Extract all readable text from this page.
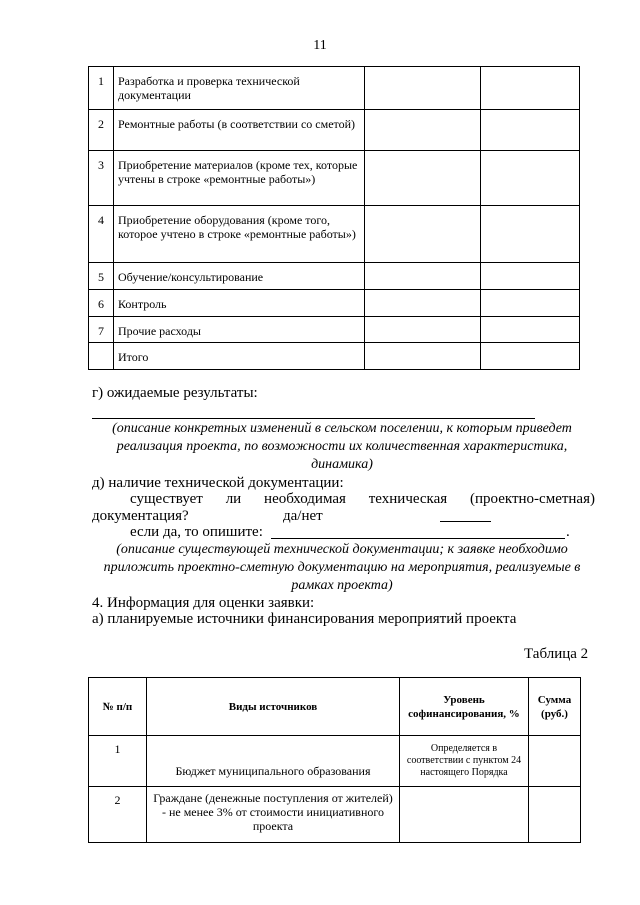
11
1	Разработка и проверка технической документации		
2	Ремонтные работы (в соответствии со сметой)		
3	Приобретение материалов (кроме тех, которые учтены в строке «ремонтные работы»)		
4	Приобретение оборудования (кроме того, которое учтено в строке «ремонтные работы»)		
5	Обучение/консультирование		
6	Контроль		
7	Прочие расходы		
	Итого		
г) ожидаемые результаты:
(описание конкретных изменений в сельском поселении, к которым приведет реализация проекта, по возможности их количественная характеристика, динамика)
д) наличие технической документации:
существует ли необходимая техническая (проектно-сметная)
документация?	да/нет
если да, то опишите:	.
(описание существующей технической документации; к заявке необходимо приложить проектно-сметную документацию на мероприятия, реализуемые в рамках проекта)
4. Информация для оценки заявки:
а) планируемые источники финансирования мероприятий проекта
Таблица 2
№ п/п	Виды источников	Уровень софинансирования, %	Сумма (руб.)
1	Бюджет муниципального образования	Определяется в соответствии с пунктом 24 настоящего Порядка	
2	Граждане (денежные поступления от жителей) - не менее 3% от стоимости инициативного проекта		
